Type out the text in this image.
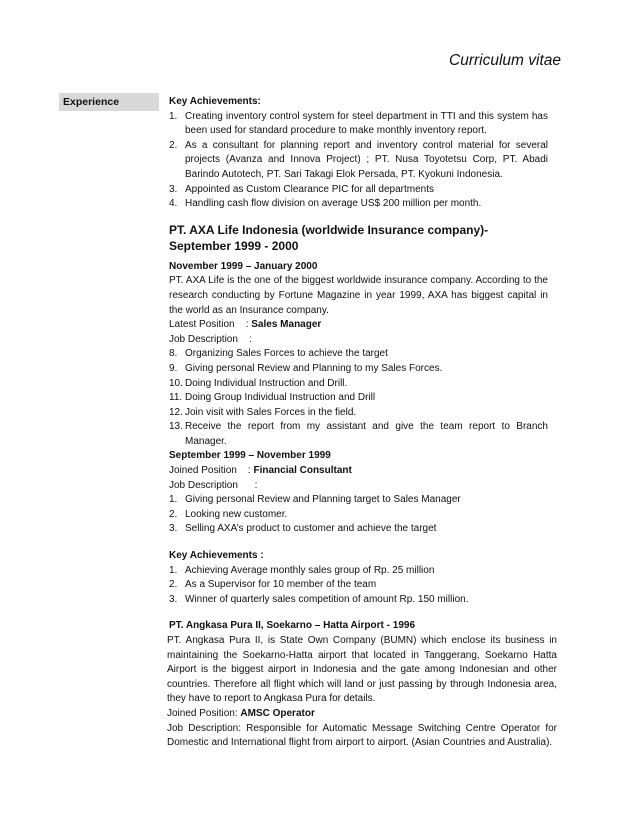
Curriculum vitae
Experience	Key Achievements:
1. Creating inventory control system for steel department in TTI and this system has been used for standard procedure to make monthly inventory report.
2. As a consultant for planning report and inventory control material for several projects (Avanza and Innova Project) ; PT. Nusa Toyotetsu Corp, PT. Abadi Barindo Autotech, PT. Sari Takagi Elok Persada, PT. Kyokuni Indonesia.
3. Appointed as Custom Clearance PIC for all departments
4. Handling cash flow division on average US$ 200 million per month.
PT. AXA Life Indonesia (worldwide Insurance company)-
September 1999 - 2000
November 1999 – January 2000
PT. AXA Life is the one of the biggest worldwide insurance company. According to the research conducting by Fortune Magazine in year 1999, AXA has biggest capital in the world as an Insurance company.
Latest Position    : Sales Manager
Job Description    :
8. Organizing Sales Forces to achieve the target
9. Giving personal Review and Planning to my Sales Forces.
10. Doing Individual Instruction and Drill.
11. Doing Group Individual Instruction and Drill
12. Join visit with Sales Forces in the field.
13. Receive the report from my assistant and give the team report to Branch Manager.
September 1999 – November 1999
Joined Position    : Financial Consultant
Job Description      :
1. Giving personal Review and Planning target to Sales Manager
2. Looking new customer.
3. Selling AXA’s product to customer and achieve the target
Key Achievements :
1. Achieving Average monthly sales group of Rp. 25 million
2. As a Supervisor for 10 member of the team
3. Winner of quarterly sales competition of amount Rp. 150 million.
PT. Angkasa Pura II, Soekarno – Hatta Airport - 1996
PT. Angkasa Pura II, is State Own Company (BUMN) which enclose its business in maintaining the Soekarno-Hatta airport that located in Tanggerang, Soekarno Hatta Airport is the biggest airport in Indonesia and the gate among Indonesian and other countries. Therefore all flight which will land or just passing by through Indonesia area, they have to report to Angkasa Pura for details.
Joined Position: AMSC Operator
Job Description: Responsible for Automatic Message Switching Centre Operator for Domestic and International flight from airport to airport. (Asian Countries and Australia).
